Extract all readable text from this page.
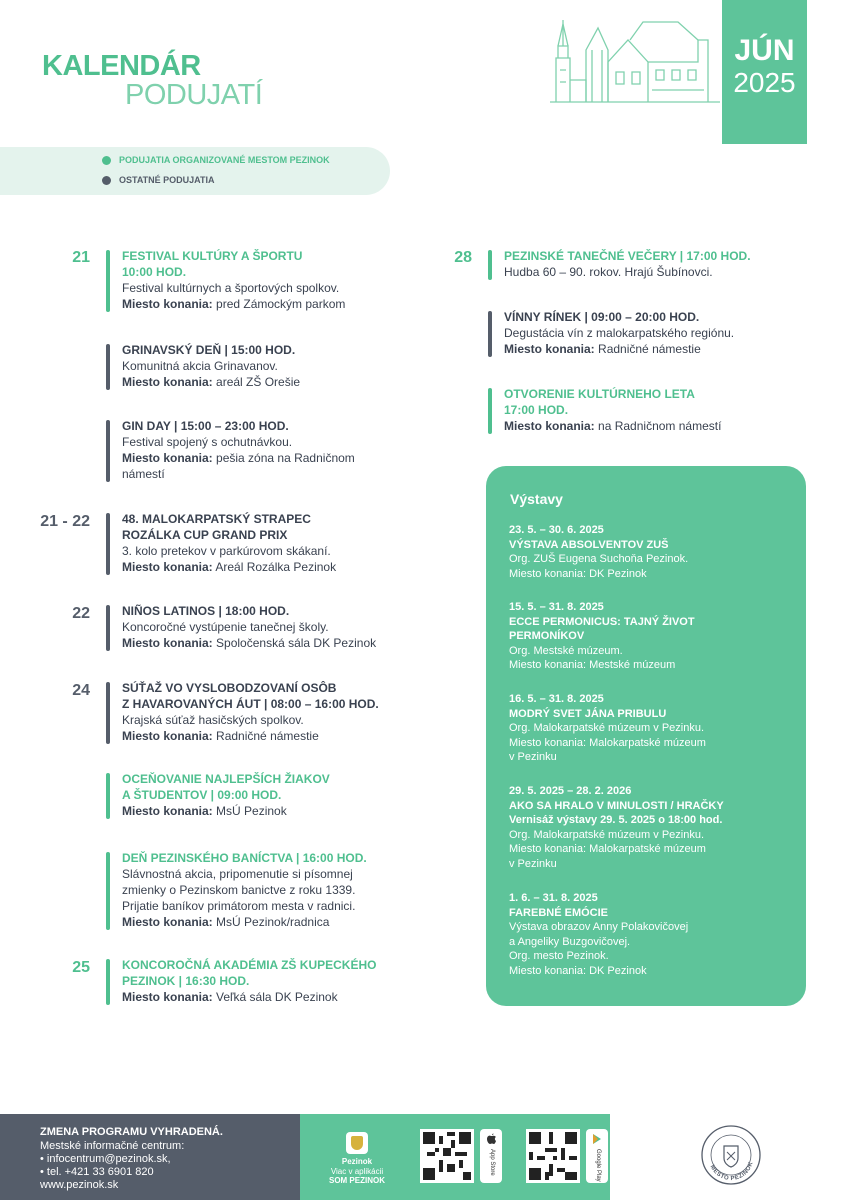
KALENDÁR
PODUJATÍ
JÚN
2025
PODUJATIA ORGANIZOVANÉ MESTOM PEZINOK
OSTATNÉ PODUJATIA
21	FESTIVAL KULTÚRY A ŠPORTU
10:00 HOD.
Festival kultúrnych a športových spolkov.
Miesto konania: pred Zámockým parkom
GRINAVSKÝ DEŇ | 15:00 HOD.
Komunitná akcia Grinavanov.
Miesto konania: areál ZŠ Orešie
GIN DAY | 15:00 – 23:00 HOD.
Festival spojený s ochutnávkou.
Miesto konania: pešia zóna na Radničnom
námestí
21 - 22	48. MALOKARPATSKÝ STRAPEC
ROZÁLKA CUP GRAND PRIX
3. kolo pretekov v parkúrovom skákaní.
Miesto konania: Areál Rozálka Pezinok
22	NIÑOS LATINOS | 18:00 HOD.
Koncoročné vystúpenie tanečnej školy.
Miesto konania: Spoločenská sála DK Pezinok
24	SÚŤAŽ VO VYSLOBODZOVANÍ OSÔB
Z HAVAROVANÝCH ÁUT | 08:00 – 16:00 HOD.
Krajská súťaž hasičských spolkov.
Miesto konania: Radničné námestie
OCEŇOVANIE NAJLEPŠÍCH ŽIAKOV
A ŠTUDENTOV | 09:00 HOD.
Miesto konania: MsÚ Pezinok
DEŇ PEZINSKÉHO BANÍCTVA | 16:00 HOD.
Slávnostná akcia, pripomenutie si písomnej
zmienky o Pezinskom banictve z roku 1339.
Prijatie baníkov primátorom mesta v radnici.
Miesto konania: MsÚ Pezinok/radnica
25	KONCOROČNÁ AKADÉMIA ZŠ KUPECKÉHO
PEZINOK | 16:30 HOD.
Miesto konania: Veľká sála DK Pezinok
28	PEZINSKÉ TANEČNÉ VEČERY | 17:00 HOD.
Hudba 60 – 90. rokov. Hrajú Šubínovci.
VÍNNY RÍNEK | 09:00 – 20:00 HOD.
Degustácia vín z malokarpatského regiónu.
Miesto konania: Radničné námestie
OTVORENIE KULTÚRNEHO LETA
17:00 HOD.
Miesto konania: na Radničnom námestí
Výstavy
23. 5. – 30. 6. 2025
VÝSTAVA ABSOLVENTOV ZUŠ
Org. ZUŠ Eugena Suchoňa Pezinok.
Miesto konania: DK Pezinok
15. 5. – 31. 8. 2025
ECCE PERMONICUS: TAJNÝ ŽIVOT
PERMONÍKOV
Org. Mestské múzeum.
Miesto konania: Mestské múzeum
16. 5. – 31. 8. 2025
MODRÝ SVET JÁNA PRIBULU
Org. Malokarpatské múzeum v Pezinku.
Miesto konania: Malokarpatské múzeum
v Pezinku
29. 5. 2025 – 28. 2. 2026
AKO SA HRALO V MINULOSTI / HRAČKY
Vernisáž výstavy 29. 5. 2025 o 18:00 hod.
Org. Malokarpatské múzeum v Pezinku.
Miesto konania: Malokarpatské múzeum
v Pezinku
1. 6. – 31. 8. 2025
FAREBNÉ EMÓCIE
Výstava obrazov Anny Polakovičovej
a Angeliky Buzgovičovej.
Org. mesto Pezinok.
Miesto konania: DK Pezinok
ZMENA PROGRAMU VYHRADENÁ.
Mestské informačné centrum:
• infocentrum@pezinok.sk,
• tel. +421 33 6901 820
www.pezinok.sk
Pezinok
Viac v aplikácii
SOM PEZINOK
App Store	Google Play	MESTO PEZINOK
